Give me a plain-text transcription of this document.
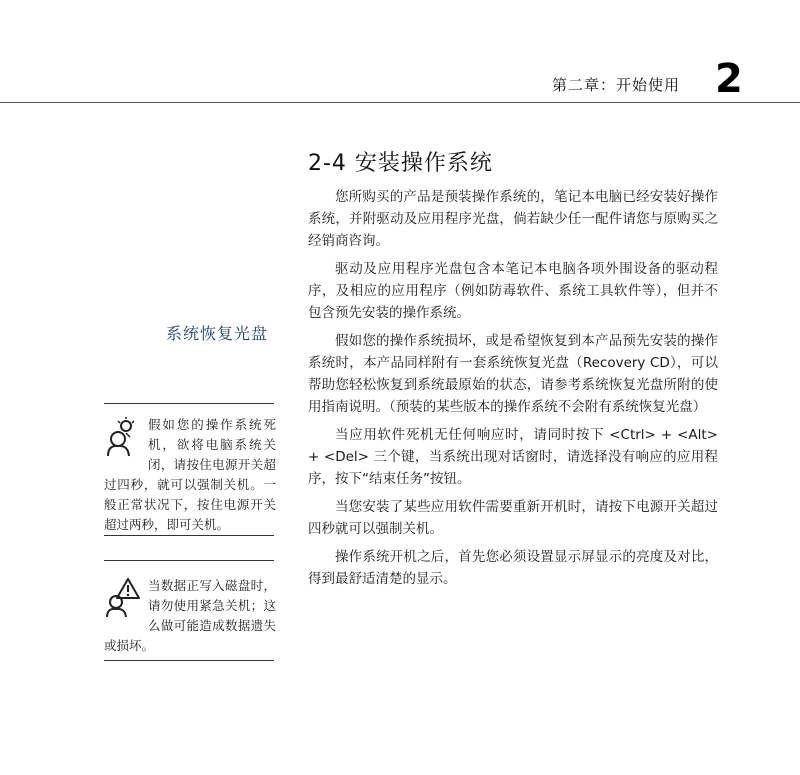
第二章：开始使用 2
2-4 安装操作系统

您所购买的产品是预装操作系统的，笔记本电脑已经安装好操作系统，并附驱动及应用程序光盘，倘若缺少任一配件请您与原购买之经销商咨询。

驱动及应用程序光盘包含本笔记本电脑各项外围设备的驱动程序，及相应的应用程序（例如防毒软件、系统工具软件等），但并不包含预先安装的操作系统。

假如您的操作系统损坏，或是希望恢复到本产品预先安装的操作系统时，本产品同样附有一套系统恢复光盘（Recovery CD），可以帮助您轻松恢复到系统最原始的状态，请参考系统恢复光盘所附的使用指南说明。（预装的某些版本的操作系统不会附有系统恢复光盘）

当应用软件死机无任何响应时，请同时按下 <Ctrl> + <Alt> + <Del> 三个键，当系统出现对话窗时，请选择没有响应的应用程序，按下“结束任务”按钮。

当您安装了某些应用软件需要重新开机时，请按下电源开关超过四秒就可以强制关机。

操作系统开机之后，首先您必须设置显示屏显示的亮度及对比，得到最舒适清楚的显示。

系统恢复光盘
假如您的操作系统死机，欲将电脑系统关闭，请按住电源开关超过四秒，就可以强制关机。一般正常状况下，按住电源开关超过两秒，即可关机。
当数据正写入磁盘时，请勿使用紧急关机；这么做可能造成数据遗失或损坏。
